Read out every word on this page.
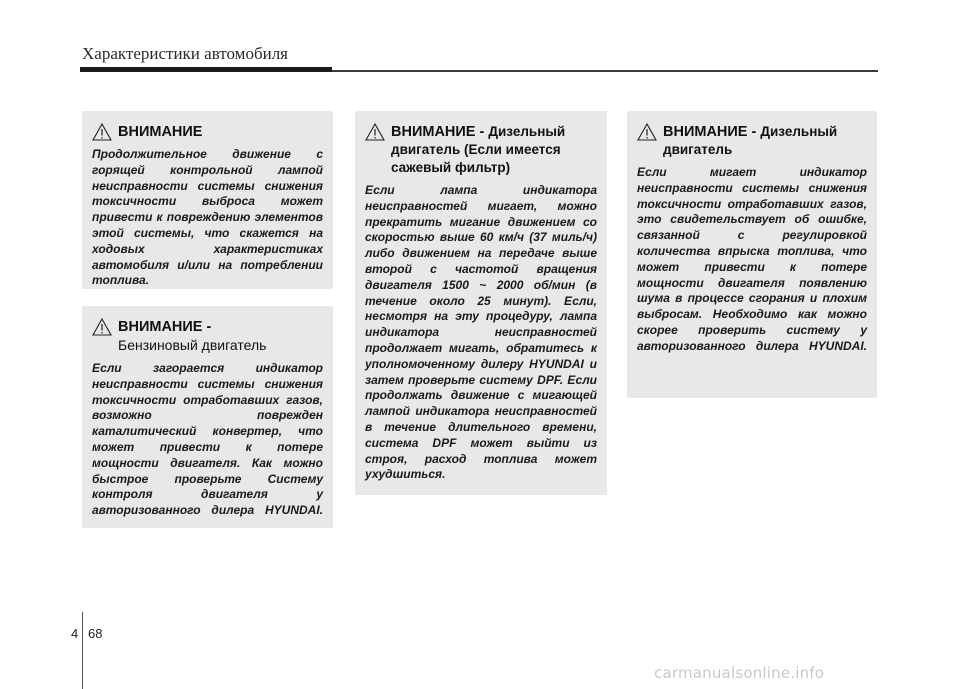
Характеристики автомобиля
ВНИМАНИЕ
Продолжительное движение с горящей контрольной лампой неисправности системы снижения токсичности выброса может привести к повреждению элементов этой системы, что скажется на ходовых характеристиках автомобиля и/или на потреблении топлива.
ВНИМАНИЕ -
Бензиновый двигатель
Если загорается индикатор неисправности системы снижения токсичности отработавших газов, возможно поврежден каталитический конвертер, что может привести к потере мощности двигателя. Как можно быстрое проверьте Систему контроля двигателя у авторизованного дилера HYUNDAI.
ВНИМАНИЕ - Дизельный двигатель (Если имеется сажевый фильтр)
Если лампа индикатора неисправностей мигает, можно прекратить мигание движением со скоростью выше 60 км/ч (37 миль/ч) либо движением на передаче выше второй с частотой вращения двигателя 1500 ~ 2000 об/мин (в течение около 25 минут). Если, несмотря на эту процедуру, лампа индикатора неисправностей продолжает мигать, обратитесь к уполномоченному дилеру HYUNDAI и затем проверьте систему DPF. Если продолжать движение с мигающей лампой индикатора неисправностей в течение длительного времени, система DPF может выйти из строя, расход топлива может ухудшиться.
ВНИМАНИЕ - Дизельный двигатель
Если мигает индикатор неисправности системы снижения токсичности отработавших газов, это свидетельствует об ошибке, связанной с регулировкой количества впрыска топлива, что может привести к потере мощности двигателя появлению шума в процессе сгорания и плохим выбросам. Необходимо как можно скорее проверить систему у авторизованного дилера HYUNDAI.
4 68
carmanualsonline.info
